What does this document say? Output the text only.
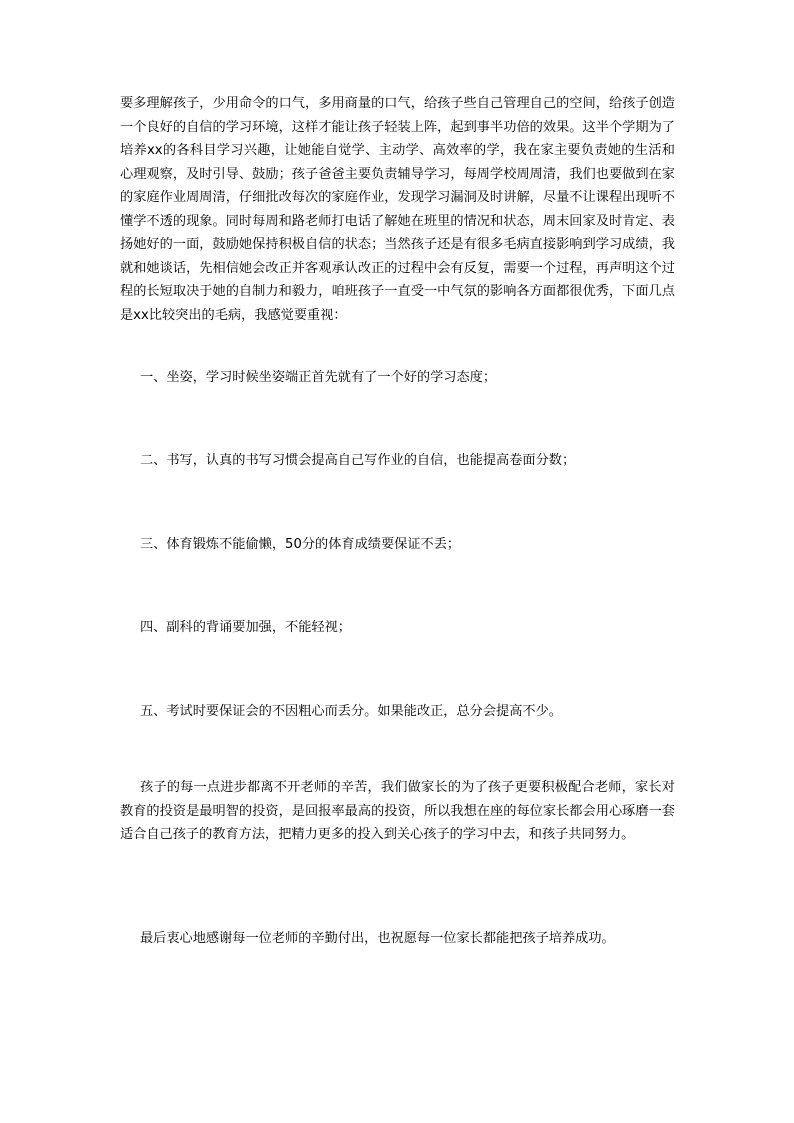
要多理解孩子，少用命令的口气，多用商量的口气，给孩子些自己管理自己的空间，给孩子创造一个良好的自信的学习环境，这样才能让孩子轻装上阵，起到事半功倍的效果。这半个学期为了培养xx的各科目学习兴趣，让她能自觉学、主动学、高效率的学，我在家主要负责她的生活和心理观察，及时引导、鼓励；孩子爸爸主要负责辅导学习，每周学校周周清，我们也要做到在家的家庭作业周周清，仔细批改每次的家庭作业，发现学习漏洞及时讲解，尽量不让课程出现听不懂学不透的现象。同时每周和路老师打电话了解她在班里的情况和状态，周末回家及时肯定、表扬她好的一面，鼓励她保持积极自信的状态；当然孩子还是有很多毛病直接影响到学习成绩，我就和她谈话，先相信她会改正并客观承认改正的过程中会有反复，需要一个过程，再声明这个过程的长短取决于她的自制力和毅力，咱班孩子一直受一中气氛的影响各方面都很优秀，下面几点是xx比较突出的毛病，我感觉要重视：

一、坐姿，学习时候坐姿端正首先就有了一个好的学习态度；

二、书写，认真的书写习惯会提高自己写作业的自信，也能提高卷面分数；

三、体育锻炼不能偷懒，50分的体育成绩要保证不丢；

四、副科的背诵要加强，不能轻视；

五、考试时要保证会的不因粗心而丢分。如果能改正，总分会提高不少。

孩子的每一点进步都离不开老师的辛苦，我们做家长的为了孩子更要积极配合老师，家长对教育的投资是最明智的投资，是回报率最高的投资，所以我想在座的每位家长都会用心琢磨一套适合自己孩子的教育方法，把精力更多的投入到关心孩子的学习中去，和孩子共同努力。

最后衷心地感谢每一位老师的辛勤付出，也祝愿每一位家长都能把孩子培养成功。
